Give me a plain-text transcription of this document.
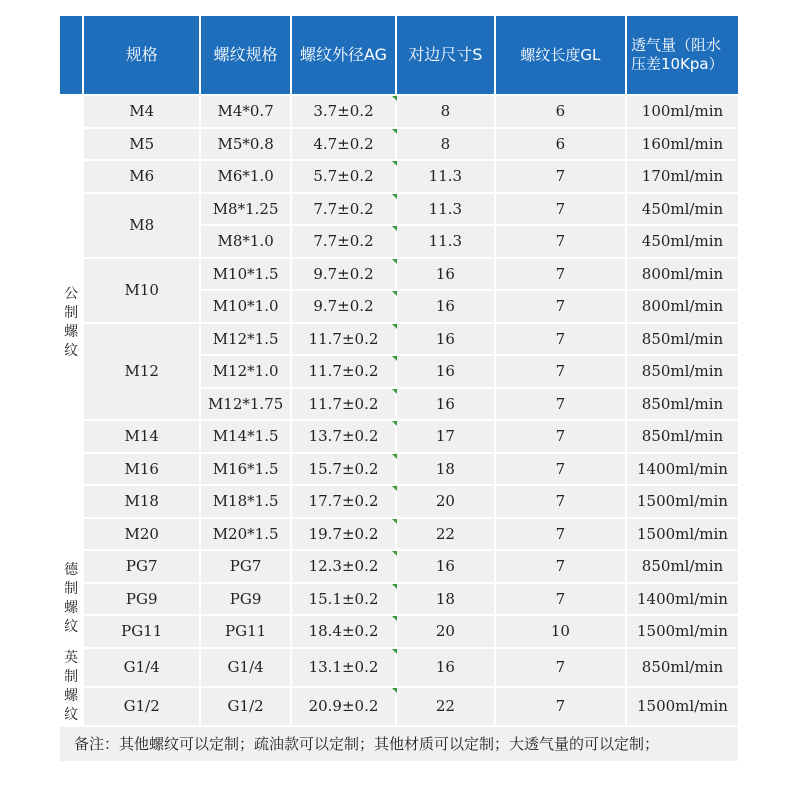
	规格	螺纹规格	螺纹外径AG	对边尺寸S	螺纹长度GL	透气量（阻水
压差10Kpa）

公
制
螺
纹	M4	M4*0.7	3.7±0.2	8	6	100ml/min
	M5	M5*0.8	4.7±0.2	8	6	160ml/min
	M6	M6*1.0	5.7±0.2	11.3	7	170ml/min
	M8	M8*1.25	7.7±0.2	11.3	7	450ml/min
		M8*1.0	7.7±0.2	11.3	7	450ml/min
	M10	M10*1.5	9.7±0.2	16	7	800ml/min
		M10*1.0	9.7±0.2	16	7	800ml/min
	M12	M12*1.5	11.7±0.2	16	7	850ml/min
		M12*1.0	11.7±0.2	16	7	850ml/min
		M12*1.75	11.7±0.2	16	7	850ml/min
	M14	M14*1.5	13.7±0.2	17	7	850ml/min
	M16	M16*1.5	15.7±0.2	18	7	1400ml/min
	M18	M18*1.5	17.7±0.2	20	7	1500ml/min
	M20	M20*1.5	19.7±0.2	22	7	1500ml/min

德
制
螺
纹	PG7	PG7	12.3±0.2	16	7	850ml/min
	PG9	PG9	15.1±0.2	18	7	1400ml/min
	PG11	PG11	18.4±0.2	20	10	1500ml/min

英
制
螺
纹	G1/4	G1/4	13.1±0.2	16	7	850ml/min
	G1/2	G1/2	20.9±0.2	22	7	1500ml/min
备注：其他螺纹可以定制；疏油款可以定制；其他材质可以定制；大透气量的可以定制；						
